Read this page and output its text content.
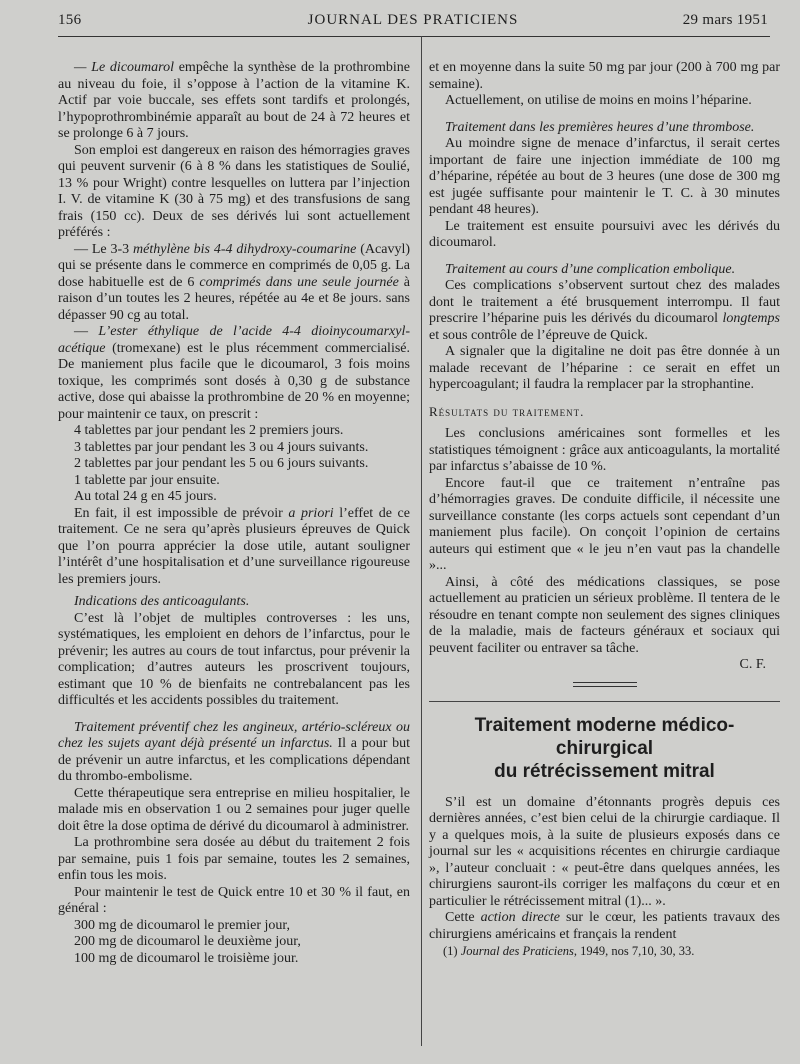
156	JOURNAL DES PRATICIENS	29 mars 1951

— Le dicoumarol empêche la synthèse de la prothrombine au niveau du foie, il s’oppose à l’action de la vitamine K. Actif par voie buccale, ses effets sont tardifs et prolongés, l’hypoprothrombinémie apparaît au bout de 24 à 72 heures et se prolonge 6 à 7 jours.

Son emploi est dangereux en raison des hémorragies graves qui peuvent survenir (6 à 8 % dans les statistiques de Soulié, 13 % pour Wright) contre lesquelles on luttera par l’injection I. V. de vitamine K (30 à 75 mg) et des transfusions de sang frais (150 cc). Deux de ses dérivés lui sont actuellement préférés :

— Le 3-3 méthylène bis 4-4 dihydroxy-coumarine (Acavyl) qui se présente dans le commerce en comprimés de 0,05 g. La dose habituelle est de 6 comprimés dans une seule journée à raison d’un toutes les 2 heures, répétée au 4e et 8e jours. sans dépasser 90 cg au total.

— L’ester éthylique de l’acide 4-4 dioinycoumarxyl-acétique (tromexane) est le plus récemment commercialisé. De maniement plus facile que le dicoumarol, 3 fois moins toxique, les comprimés sont dosés à 0,30 g de substance active, dose qui abaisse la prothrombine de 20 % en moyenne; pour maintenir ce taux, on prescrit :

4 tablettes par jour pendant les 2 premiers jours.

3 tablettes par jour pendant les 3 ou 4 jours suivants.

2 tablettes par jour pendant les 5 ou 6 jours suivants.

1 tablette par jour ensuite.

Au total 24 g en 45 jours.

En fait, il est impossible de prévoir a priori l’effet de ce traitement. Ce ne sera qu’après plusieurs épreuves de Quick que l’on pourra apprécier la dose utile, autant souligner l’intérêt d’une hospitalisation et d’une surveillance rigoureuse les premiers jours.

Indications des anticoagulants.

C’est là l’objet de multiples controverses : les uns, systématiques, les emploient en dehors de l’infarctus, pour le prévenir; les autres au cours de tout infarctus, pour prévenir la complication; d’autres auteurs les proscrivent toujours, estimant que 10 % de bienfaits ne contrebalancent pas les difficultés et les accidents possibles du traitement.

Traitement préventif chez les angineux, artério-scléreux ou chez les sujets ayant déjà présenté un infarctus. Il a pour but de prévenir un autre infarctus, et les complications dépendant du thrombo-embolisme.

Cette thérapeutique sera entreprise en milieu hospitalier, le malade mis en observation 1 ou 2 semaines pour juger quelle doit être la dose optima de dérivé du dicoumarol à administrer.

La prothrombine sera dosée au début du traitement 2 fois par semaine, puis 1 fois par semaine, toutes les 2 semaines, enfin tous les mois.

Pour maintenir le test de Quick entre 10 et 30 % il faut, en général :

300 mg de dicoumarol le premier jour,

200 mg de dicoumarol le deuxième jour,

100 mg de dicoumarol le troisième jour.

et en moyenne dans la suite 50 mg par jour (200 à 700 mg par semaine).

Actuellement, on utilise de moins en moins l’héparine.

Traitement dans les premières heures d’une thrombose.

Au moindre signe de menace d’infarctus, il serait certes important de faire une injection immédiate de 100 mg d’héparine, répétée au bout de 3 heures (une dose de 300 mg est jugée suffisante pour maintenir le T. C. à 30 minutes pendant 48 heures).

Le traitement est ensuite poursuivi avec les dérivés du dicoumarol.

Traitement au cours d’une complication embolique.

Ces complications s’observent surtout chez des malades dont le traitement a été brusquement interrompu. Il faut prescrire l’héparine puis les dérivés du dicoumarol longtemps et sous contrôle de l’épreuve de Quick.

A signaler que la digitaline ne doit pas être donnée à un malade recevant de l’héparine : ce serait en effet un hypercoagulant; il faudra la remplacer par la strophantine.

Résultats du traitement.

Les conclusions américaines sont formelles et les statistiques témoignent : grâce aux anticoagulants, la mortalité par infarctus s’abaisse de 10 %.

Encore faut-il que ce traitement n’entraîne pas d’hémorragies graves. De conduite difficile, il nécessite une surveillance constante (les corps actuels sont cependant d’un maniement plus facile). On conçoit l’opinion de certains auteurs qui estiment que « le jeu n’en vaut pas la chandelle »...

Ainsi, à côté des médications classiques, se pose actuellement au praticien un sérieux problème. Il tentera de le résoudre en tenant compte non seulement des signes cliniques de la maladie, mais de facteurs généraux et sociaux qui peuvent faciliter ou entraver sa tâche.

C. F.

Traitement moderne médico-chirurgical
du rétrécissement mitral

S’il est un domaine d’étonnants progrès depuis ces dernières années, c’est bien celui de la chirurgie cardiaque. Il y a quelques mois, à la suite de plusieurs exposés dans ce journal sur les « acquisitions récentes en chirurgie cardiaque », l’auteur concluait : « peut-être dans quelques années, les chirurgiens sauront-ils corriger les malfaçons du cœur et en particulier le rétrécissement mitral (1)... ».

Cette action directe sur le cœur, les patients travaux des chirurgiens américains et français la rendent

(1) Journal des Praticiens, 1949, nos 7,10, 30, 33.
